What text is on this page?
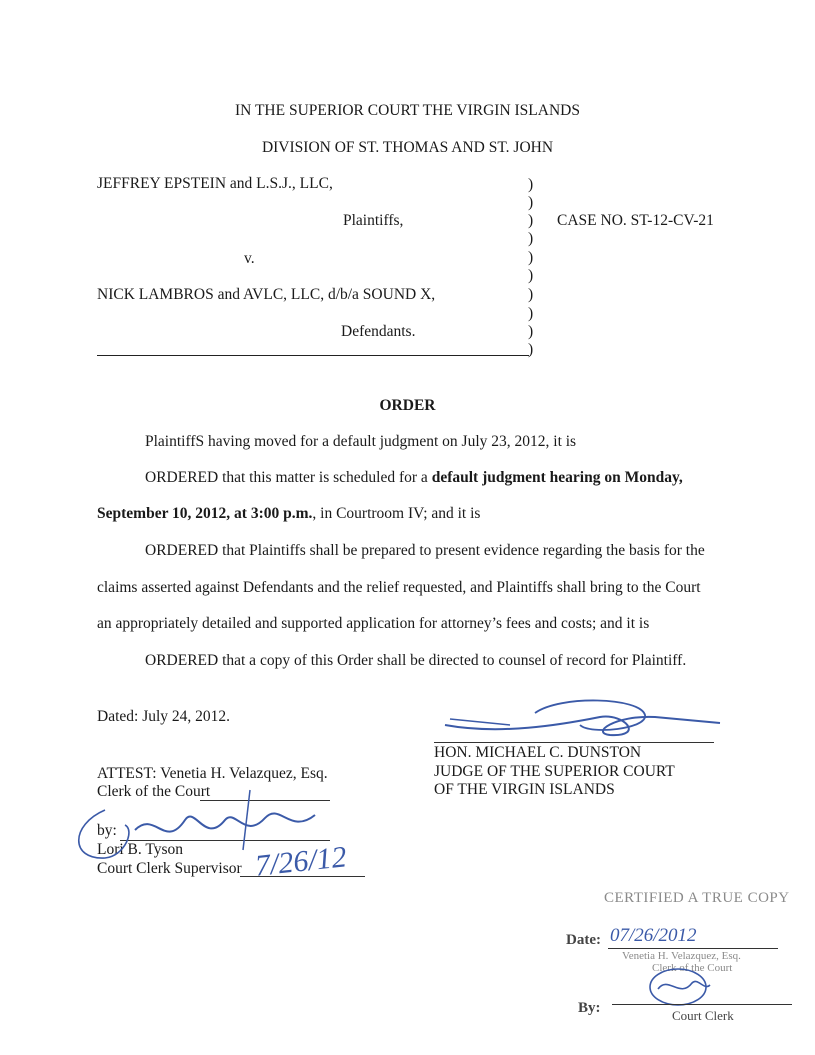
IN THE SUPERIOR COURT THE VIRGIN ISLANDS
DIVISION OF ST. THOMAS AND ST. JOHN
JEFFREY EPSTEIN and L.S.J., LLC,
Plaintiffs,
v.
NICK LAMBROS and AVLC, LLC, d/b/a SOUND X,
Defendants.
CASE NO. ST-12-CV-21
)
)
)
)
)
)
)
)
)
)
ORDER
PlaintiffS having moved for a default judgment on July 23, 2012, it is
ORDERED that this matter is scheduled for a default judgment hearing on Monday,
September 10, 2012, at 3:00 p.m., in Courtroom IV; and it is
ORDERED that Plaintiffs shall be prepared to present evidence regarding the basis for the
claims asserted against Defendants and the relief requested, and Plaintiffs shall bring to the Court
an appropriately detailed and supported application for attorney’s fees and costs; and it is
ORDERED that a copy of this Order shall be directed to counsel of record for Plaintiff.
Dated: July 24, 2012.
HON. MICHAEL C. DUNSTON
JUDGE OF THE SUPERIOR COURT
OF THE VIRGIN ISLANDS
ATTEST: Venetia H. Velazquez, Esq.
Clerk of the Court
by:
Lori B. Tyson
Court Clerk Supervisor 7/26/12
CERTIFIED A TRUE COPY
Date: 07/26/2012
Venetia H. Velazquez, Esq.
Clerk of the Court
By:	Court Clerk
